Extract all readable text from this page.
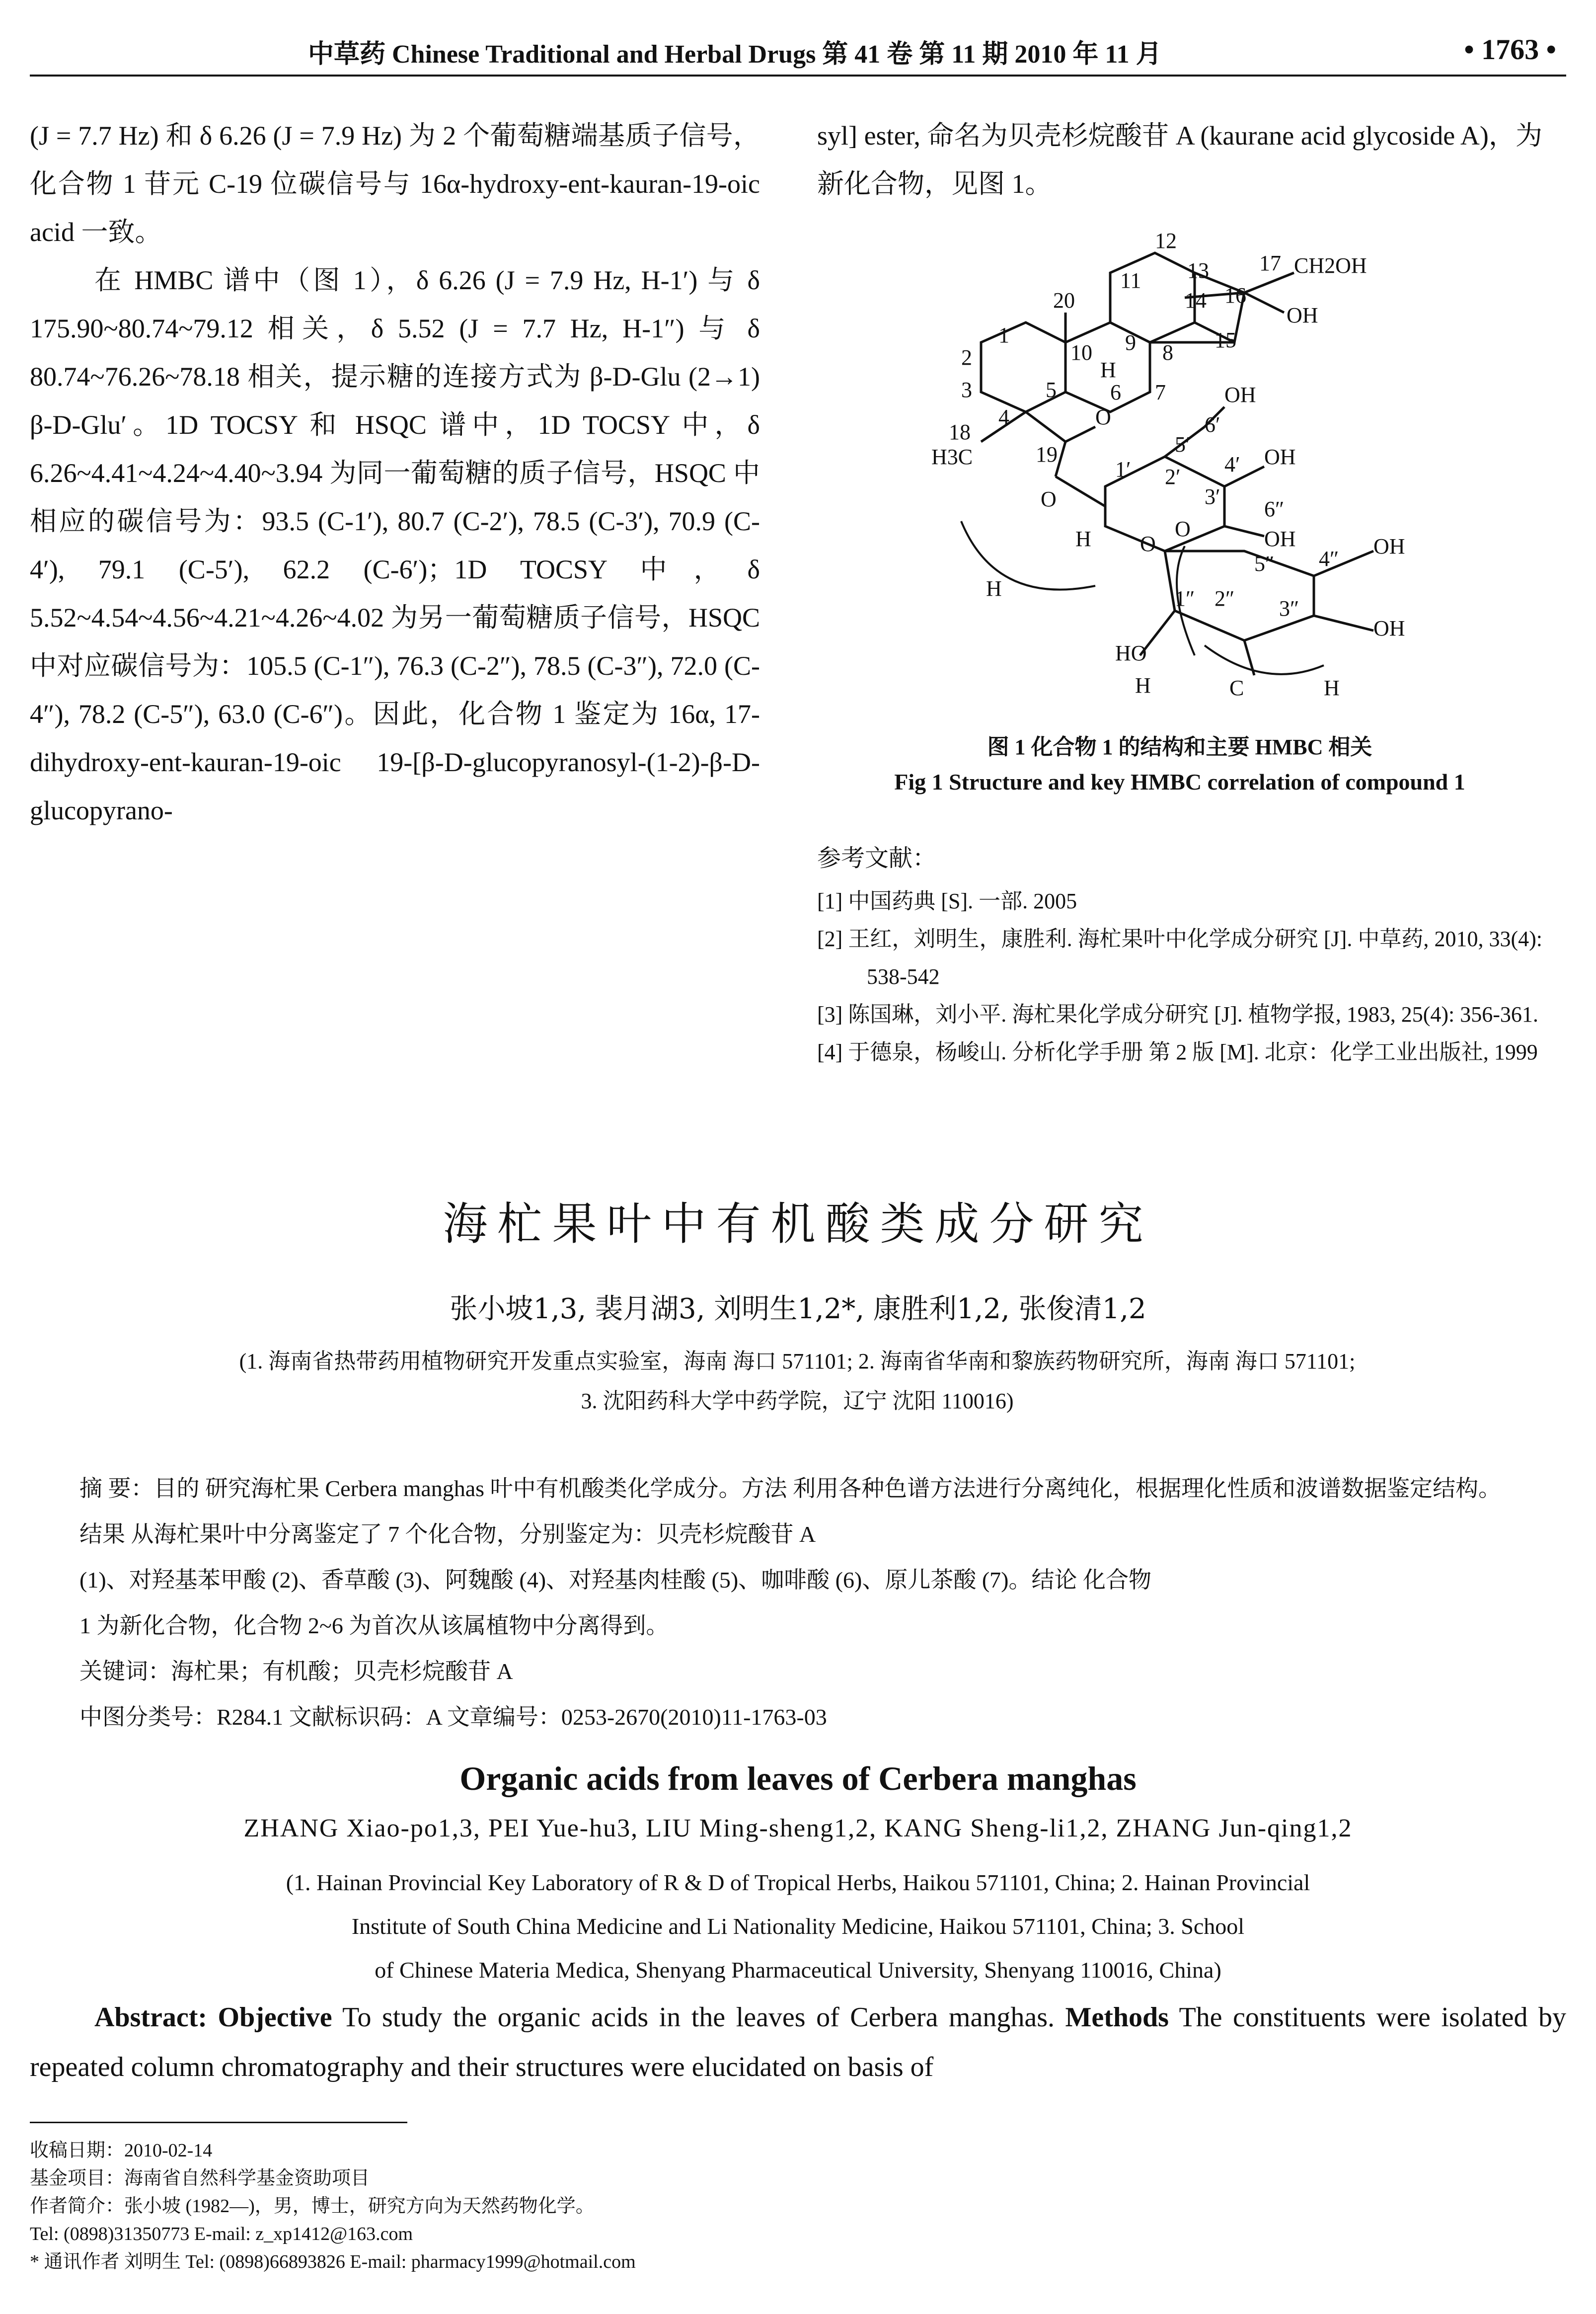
中草药 Chinese Traditional and Herbal Drugs 第 41 卷 第 11 期 2010 年 11 月	• 1763 •

(J = 7.7 Hz) 和 δ 6.26 (J = 7.9 Hz) 为 2 个葡萄糖端基质子信号，化合物 1 苷元 C-19 位碳信号与 16α-hydroxy-ent-kauran-19-oic acid 一致。

在 HMBC 谱中（图 1），δ 6.26 (J = 7.9 Hz, H-1′) 与 δ 175.90~80.74~79.12 相关，δ 5.52 (J = 7.7 Hz, H-1″) 与 δ 80.74~76.26~78.18 相关，提示糖的连接方式为 β-D-Glu (2→1) β-D-Glu′。1D TOCSY 和 HSQC 谱中，1D TOCSY 中，δ 6.26~4.41~4.24~4.40~3.94 为同一葡萄糖的质子信号，HSQC 中相应的碳信号为：93.5 (C-1′), 80.7 (C-2′), 78.5 (C-3′), 70.9 (C-4′), 79.1 (C-5′), 62.2 (C-6′)；1D TOCSY 中，δ 5.52~4.54~4.56~4.21~4.26~4.02 为另一葡萄糖质子信号，HSQC 中对应碳信号为：105.5 (C-1″), 76.3 (C-2″), 78.5 (C-3″), 72.0 (C-4″), 78.2 (C-5″), 63.0 (C-6″)。因此，化合物 1 鉴定为 16α, 17-dihydroxy-ent-kauran-19-oic 19-[β-D-glucopyranosyl-(1-2)-β-D-glucopyrano-

syl] ester, 命名为贝壳杉烷酸苷 A (kaurane acid glycoside A)，为新化合物，见图 1。

17 CH2OH
OH
20
11
12
13
16
14
15
1
2
3
10 9 8
H
5 6 7
4
18
H3C	19
O
O
H
5′
6′
OH
4′ OH
1′ 2′
3′
OH
6″
O
5″ 4″
OH
1″ 2″ 3″
OH
HO
H	C	H
H
O
图 1 化合物 1 的结构和主要 HMBC 相关
Fig 1 Structure and key HMBC correlation of compound 1
参考文献：

[1] 中国药典 [S]. 一部. 2005

[2] 王红，刘明生，康胜利. 海杧果叶中化学成分研究 [J]. 中草药, 2010, 33(4): 538-542

[3] 陈国琳，刘小平. 海杧果化学成分研究 [J]. 植物学报, 1983, 25(4): 356-361.

[4] 于德泉，杨峻山. 分析化学手册 第 2 版 [M]. 北京：化学工业出版社, 1999

海杧果叶中有机酸类成分研究
张小坡1,3, 裴月湖3, 刘明生1,2*, 康胜利1,2, 张俊清1,2
(1. 海南省热带药用植物研究开发重点实验室，海南 海口 571101; 2. 海南省华南和黎族药物研究所，海南 海口 571101;
3. 沈阳药科大学中药学院，辽宁 沈阳 110016)

摘 要：目的 研究海杧果 Cerbera manghas 叶中有机酸类化学成分。方法 利用各种色谱方法进行分离纯化，根据理化性质和波谱数据鉴定结构。结果 从海杧果叶中分离鉴定了 7 个化合物，分别鉴定为：贝壳杉烷酸苷 A

(1)、对羟基苯甲酸 (2)、香草酸 (3)、阿魏酸 (4)、对羟基肉桂酸 (5)、咖啡酸 (6)、原儿茶酸 (7)。结论 化合物

1 为新化合物，化合物 2~6 为首次从该属植物中分离得到。

关键词：海杧果；有机酸；贝壳杉烷酸苷 A

中图分类号：R284.1 文献标识码：A 文章编号：0253-2670(2010)11-1763-03

Organic acids from leaves of Cerbera manghas
ZHANG Xiao-po1,3, PEI Yue-hu3, LIU Ming-sheng1,2, KANG Sheng-li1,2, ZHANG Jun-qing1,2
(1. Hainan Provincial Key Laboratory of R & D of Tropical Herbs, Haikou 571101, China; 2. Hainan Provincial
Institute of South China Medicine and Li Nationality Medicine, Haikou 571101, China; 3. School
of Chinese Materia Medica, Shenyang Pharmaceutical University, Shenyang 110016, China)

Abstract: Objective To study the organic acids in the leaves of Cerbera manghas. Methods The constituents were isolated by repeated column chromatography and their structures were elucidated on basis of

收稿日期：2010-02-14

基金项目：海南省自然科学基金资助项目

作者简介：张小坡 (1982—)，男，博士，研究方向为天然药物化学。

Tel: (0898)31350773 E-mail: z_xp1412@163.com

* 通讯作者 刘明生 Tel: (0898)66893826 E-mail: pharmacy1999@hotmail.com
